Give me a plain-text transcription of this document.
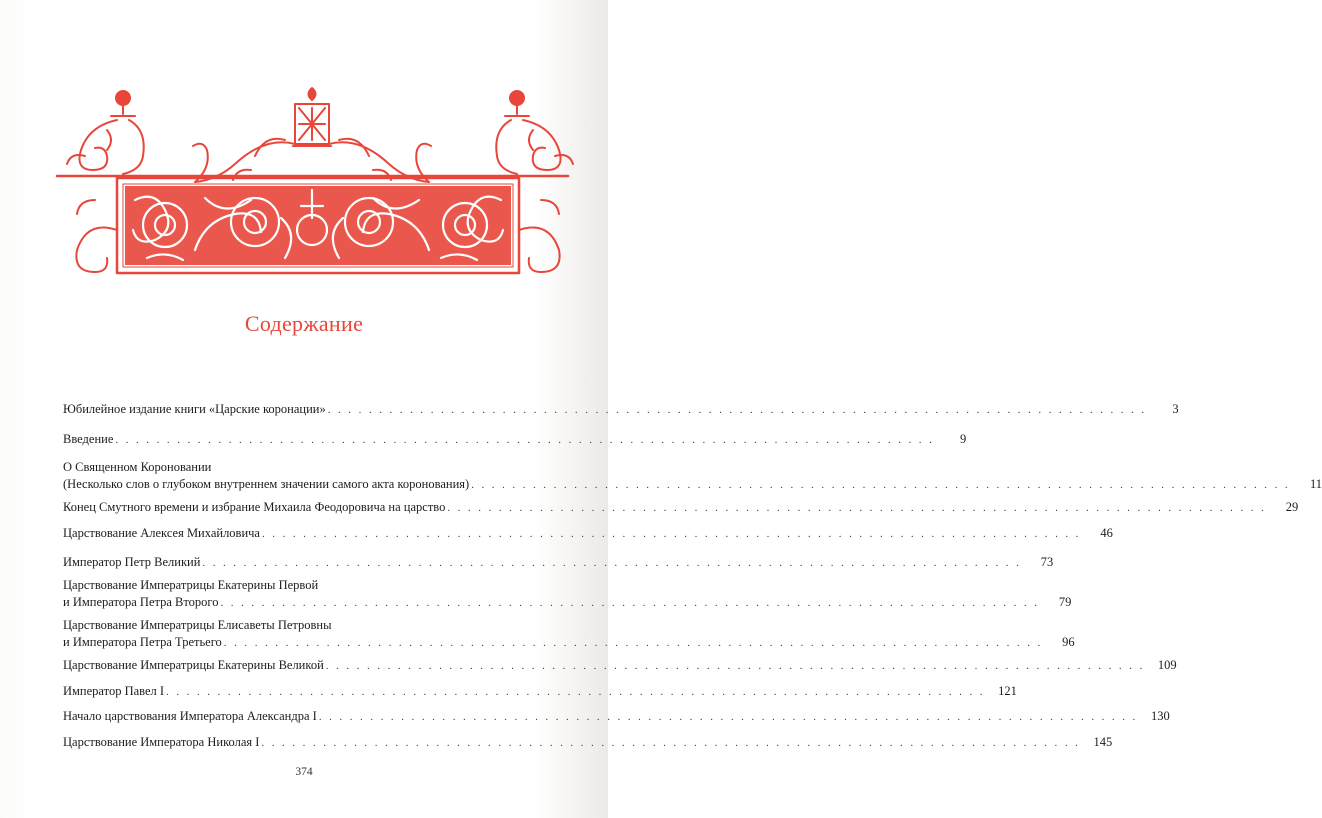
Содержание
Юбилейное издание книги «Царские коронации» . . . . . . . . . . . . . . . . . . . . . . . . . . . . . . . . . . . . . . . . . . . . . . . . . . . . . . . . . . . . . . . . . . . . . . . . . . . . . . . .	3
Введение . . . . . . . . . . . . . . . . . . . . . . . . . . . . . . . . . . . . . . . . . . . . . . . . . . . . . . . . . . . . . . . . . . . . . . . . . . . . . . . .	9
О Священном Короновании
(Несколько слов о глубоком внутреннем значении самого акта коронования) . . . . . . . . . . . . . . . . . . . . . . . . . . . . . . . . . . . . . . . . . . . . . . . . . . . . . . . . . . . . . . . . . . . . . . . . . . . . . . . .	11
Конец Смутного времени и избрание Михаила Феодоровича на царство . . . . . . . . . . . . . . . . . . . . . . . . . . . . . . . . . . . . . . . . . . . . . . . . . . . . . . . . . . . . . . . . . . . . . . . . . . . . . . . .	29
Царствование Алексея Михайловича . . . . . . . . . . . . . . . . . . . . . . . . . . . . . . . . . . . . . . . . . . . . . . . . . . . . . . . . . . . . . . . . . . . . . . . . . . . . . . . .	46
Император Петр Великий . . . . . . . . . . . . . . . . . . . . . . . . . . . . . . . . . . . . . . . . . . . . . . . . . . . . . . . . . . . . . . . . . . . . . . . . . . . . . . . .	73
Царствование Императрицы Екатерины Первой
и Императора Петра Второго . . . . . . . . . . . . . . . . . . . . . . . . . . . . . . . . . . . . . . . . . . . . . . . . . . . . . . . . . . . . . . . . . . . . . . . . . . . . . . . .	79
Царствование Императрицы Елисаветы Петровны
и Императора Петра Третьего . . . . . . . . . . . . . . . . . . . . . . . . . . . . . . . . . . . . . . . . . . . . . . . . . . . . . . . . . . . . . . . . . . . . . . . . . . . . . . . .	96
Царствование Императрицы Екатерины Великой . . . . . . . . . . . . . . . . . . . . . . . . . . . . . . . . . . . . . . . . . . . . . . . . . . . . . . . . . . . . . . . . . . . . . . . . . . . . . . . .	109
Император Павел I . . . . . . . . . . . . . . . . . . . . . . . . . . . . . . . . . . . . . . . . . . . . . . . . . . . . . . . . . . . . . . . . . . . . . . . . . . . . . . . .	121
Начало царствования Императора Александра I . . . . . . . . . . . . . . . . . . . . . . . . . . . . . . . . . . . . . . . . . . . . . . . . . . . . . . . . . . . . . . . . . . . . . . . . . . . . . . . .	130
Царствование Императора Николая I . . . . . . . . . . . . . . . . . . . . . . . . . . . . . . . . . . . . . . . . . . . . . . . . . . . . . . . . . . . . . . . . . . . . . . . . . . . . . . . .	145
374
